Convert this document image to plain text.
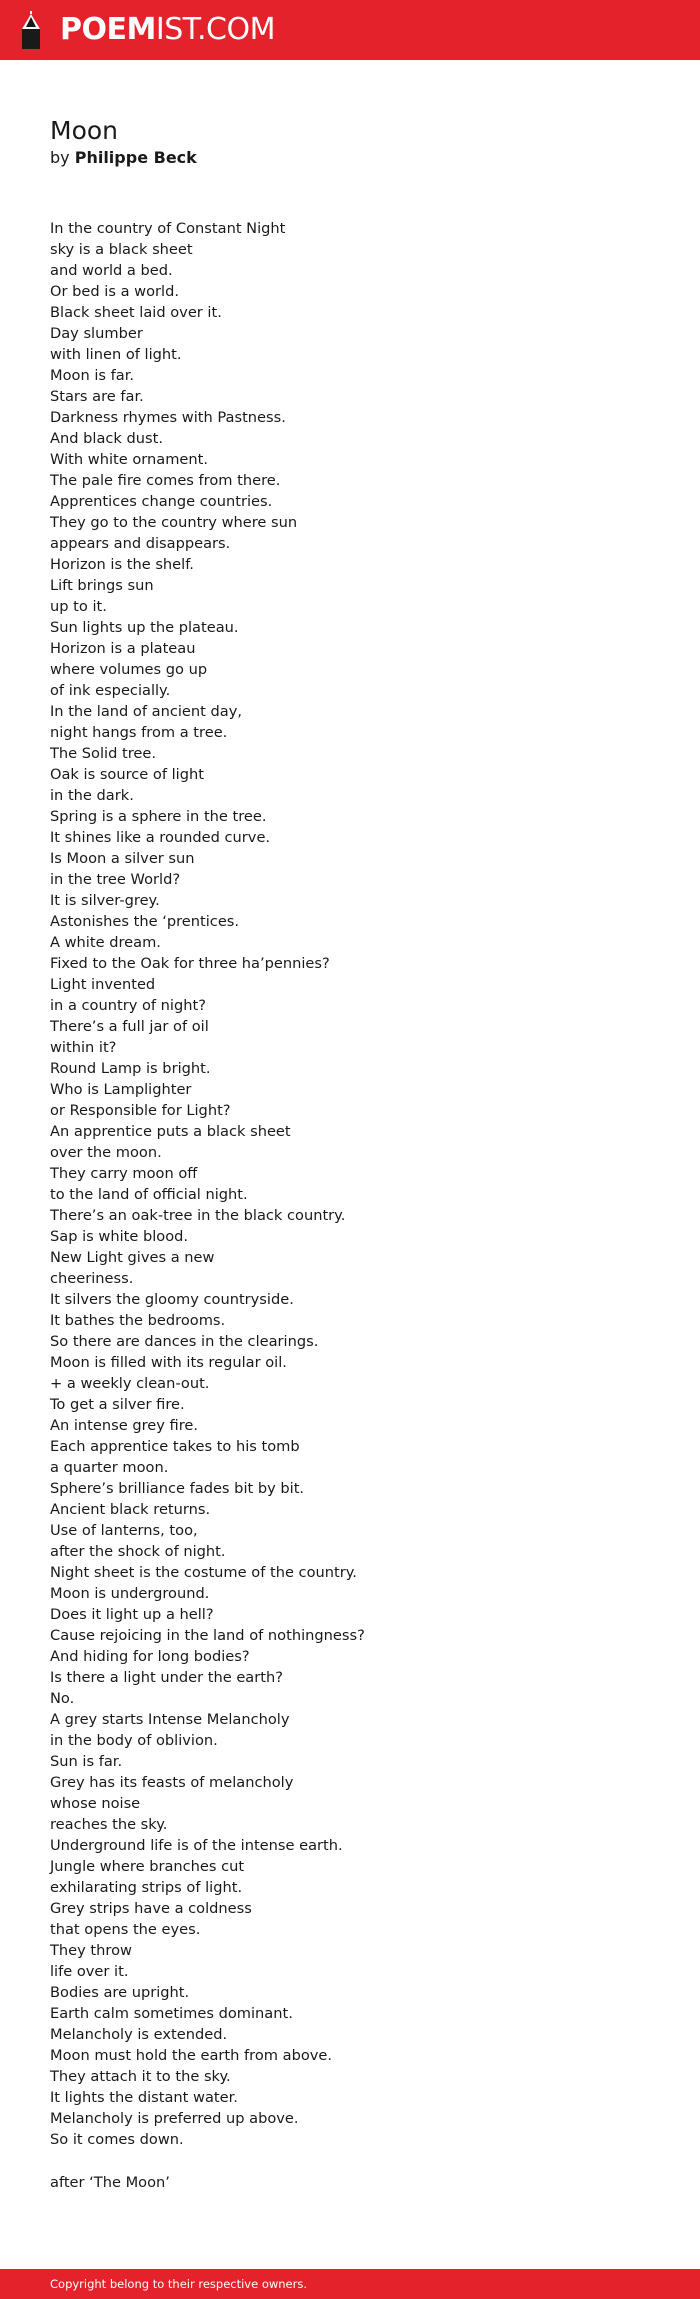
POEMIST.COM
Moon
by Philippe Beck
In the country of Constant Night
sky is a black sheet
and world a bed.
Or bed is a world.
Black sheet laid over it.
Day slumber
with linen of light.
Moon is far.
Stars are far.
Darkness rhymes with Pastness.
And black dust.
With white ornament.
The pale fire comes from there.
Apprentices change countries.
They go to the country where sun
appears and disappears.
Horizon is the shelf.
Lift brings sun
up to it.
Sun lights up the plateau.
Horizon is a plateau
where volumes go up
of ink especially.
In the land of ancient day,
night hangs from a tree.
The Solid tree.
Oak is source of light
in the dark.
Spring is a sphere in the tree.
It shines like a rounded curve.
Is Moon a silver sun
in the tree World?
It is silver-grey.
Astonishes the ‘prentices.
A white dream.
Fixed to the Oak for three ha’pennies?
Light invented
in a country of night?
There’s a full jar of oil
within it?
Round Lamp is bright.
Who is Lamplighter
or Responsible for Light?
An apprentice puts a black sheet
over the moon.
They carry moon off
to the land of official night.
There’s an oak-tree in the black country.
Sap is white blood.
New Light gives a new
cheeriness.
It silvers the gloomy countryside.
It bathes the bedrooms.
So there are dances in the clearings.
Moon is filled with its regular oil.
+ a weekly clean-out.
To get a silver fire.
An intense grey fire.
Each apprentice takes to his tomb
a quarter moon.
Sphere’s brilliance fades bit by bit.
Ancient black returns.
Use of lanterns, too,
after the shock of night.
Night sheet is the costume of the country.
Moon is underground.
Does it light up a hell?
Cause rejoicing in the land of nothingness?
And hiding for long bodies?
Is there a light under the earth?
No.
A grey starts Intense Melancholy
in the body of oblivion.
Sun is far.
Grey has its feasts of melancholy
whose noise
reaches the sky.
Underground life is of the intense earth.
Jungle where branches cut
exhilarating strips of light.
Grey strips have a coldness
that opens the eyes.
They throw
life over it.
Bodies are upright.
Earth calm sometimes dominant.
Melancholy is extended.
Moon must hold the earth from above.
They attach it to the sky.
It lights the distant water.
Melancholy is preferred up above.
So it comes down.
after ‘The Moon’
Copyright belong to their respective owners.
